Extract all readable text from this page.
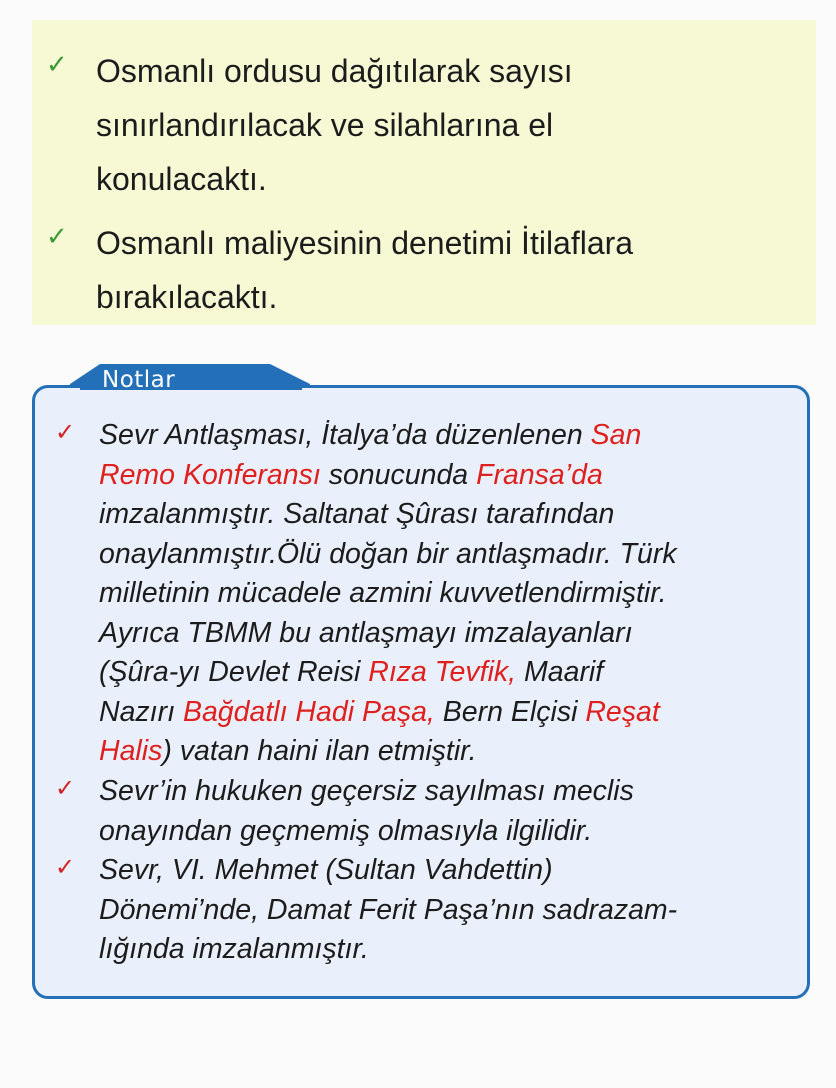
✓ Osmanlı ordusu dağıtılarak sayısı
sınırlandırılacak ve silahlarına el
konulacaktı.
✓ Osmanlı maliyesinin denetimi İtilaflara
bırakılacaktı.
Notlar
✓ Sevr Antlaşması, İtalya’da düzenlenen San
Remo Konferansı sonucunda Fransa’da
imzalanmıştır. Saltanat Şûrası tarafından
onaylanmıştır.Ölü doğan bir antlaşmadır. Türk
milletinin mücadele azmini kuvvetlendirmiştir.
Ayrıca TBMM bu antlaşmayı imzalayanları
(Şûra-yı Devlet Reisi Rıza Tevfik, Maarif
Nazırı Bağdatlı Hadi Paşa, Bern Elçisi Reşat
Halis) vatan haini ilan etmiştir.
✓ Sevr’in hukuken geçersiz sayılması meclis
onayından geçmemiş olmasıyla ilgilidir.
✓ Sevr, VI. Mehmet (Sultan Vahdettin)
Dönemi’nde, Damat Ferit Paşa’nın sadrazam-
lığında imzalanmıştır.
